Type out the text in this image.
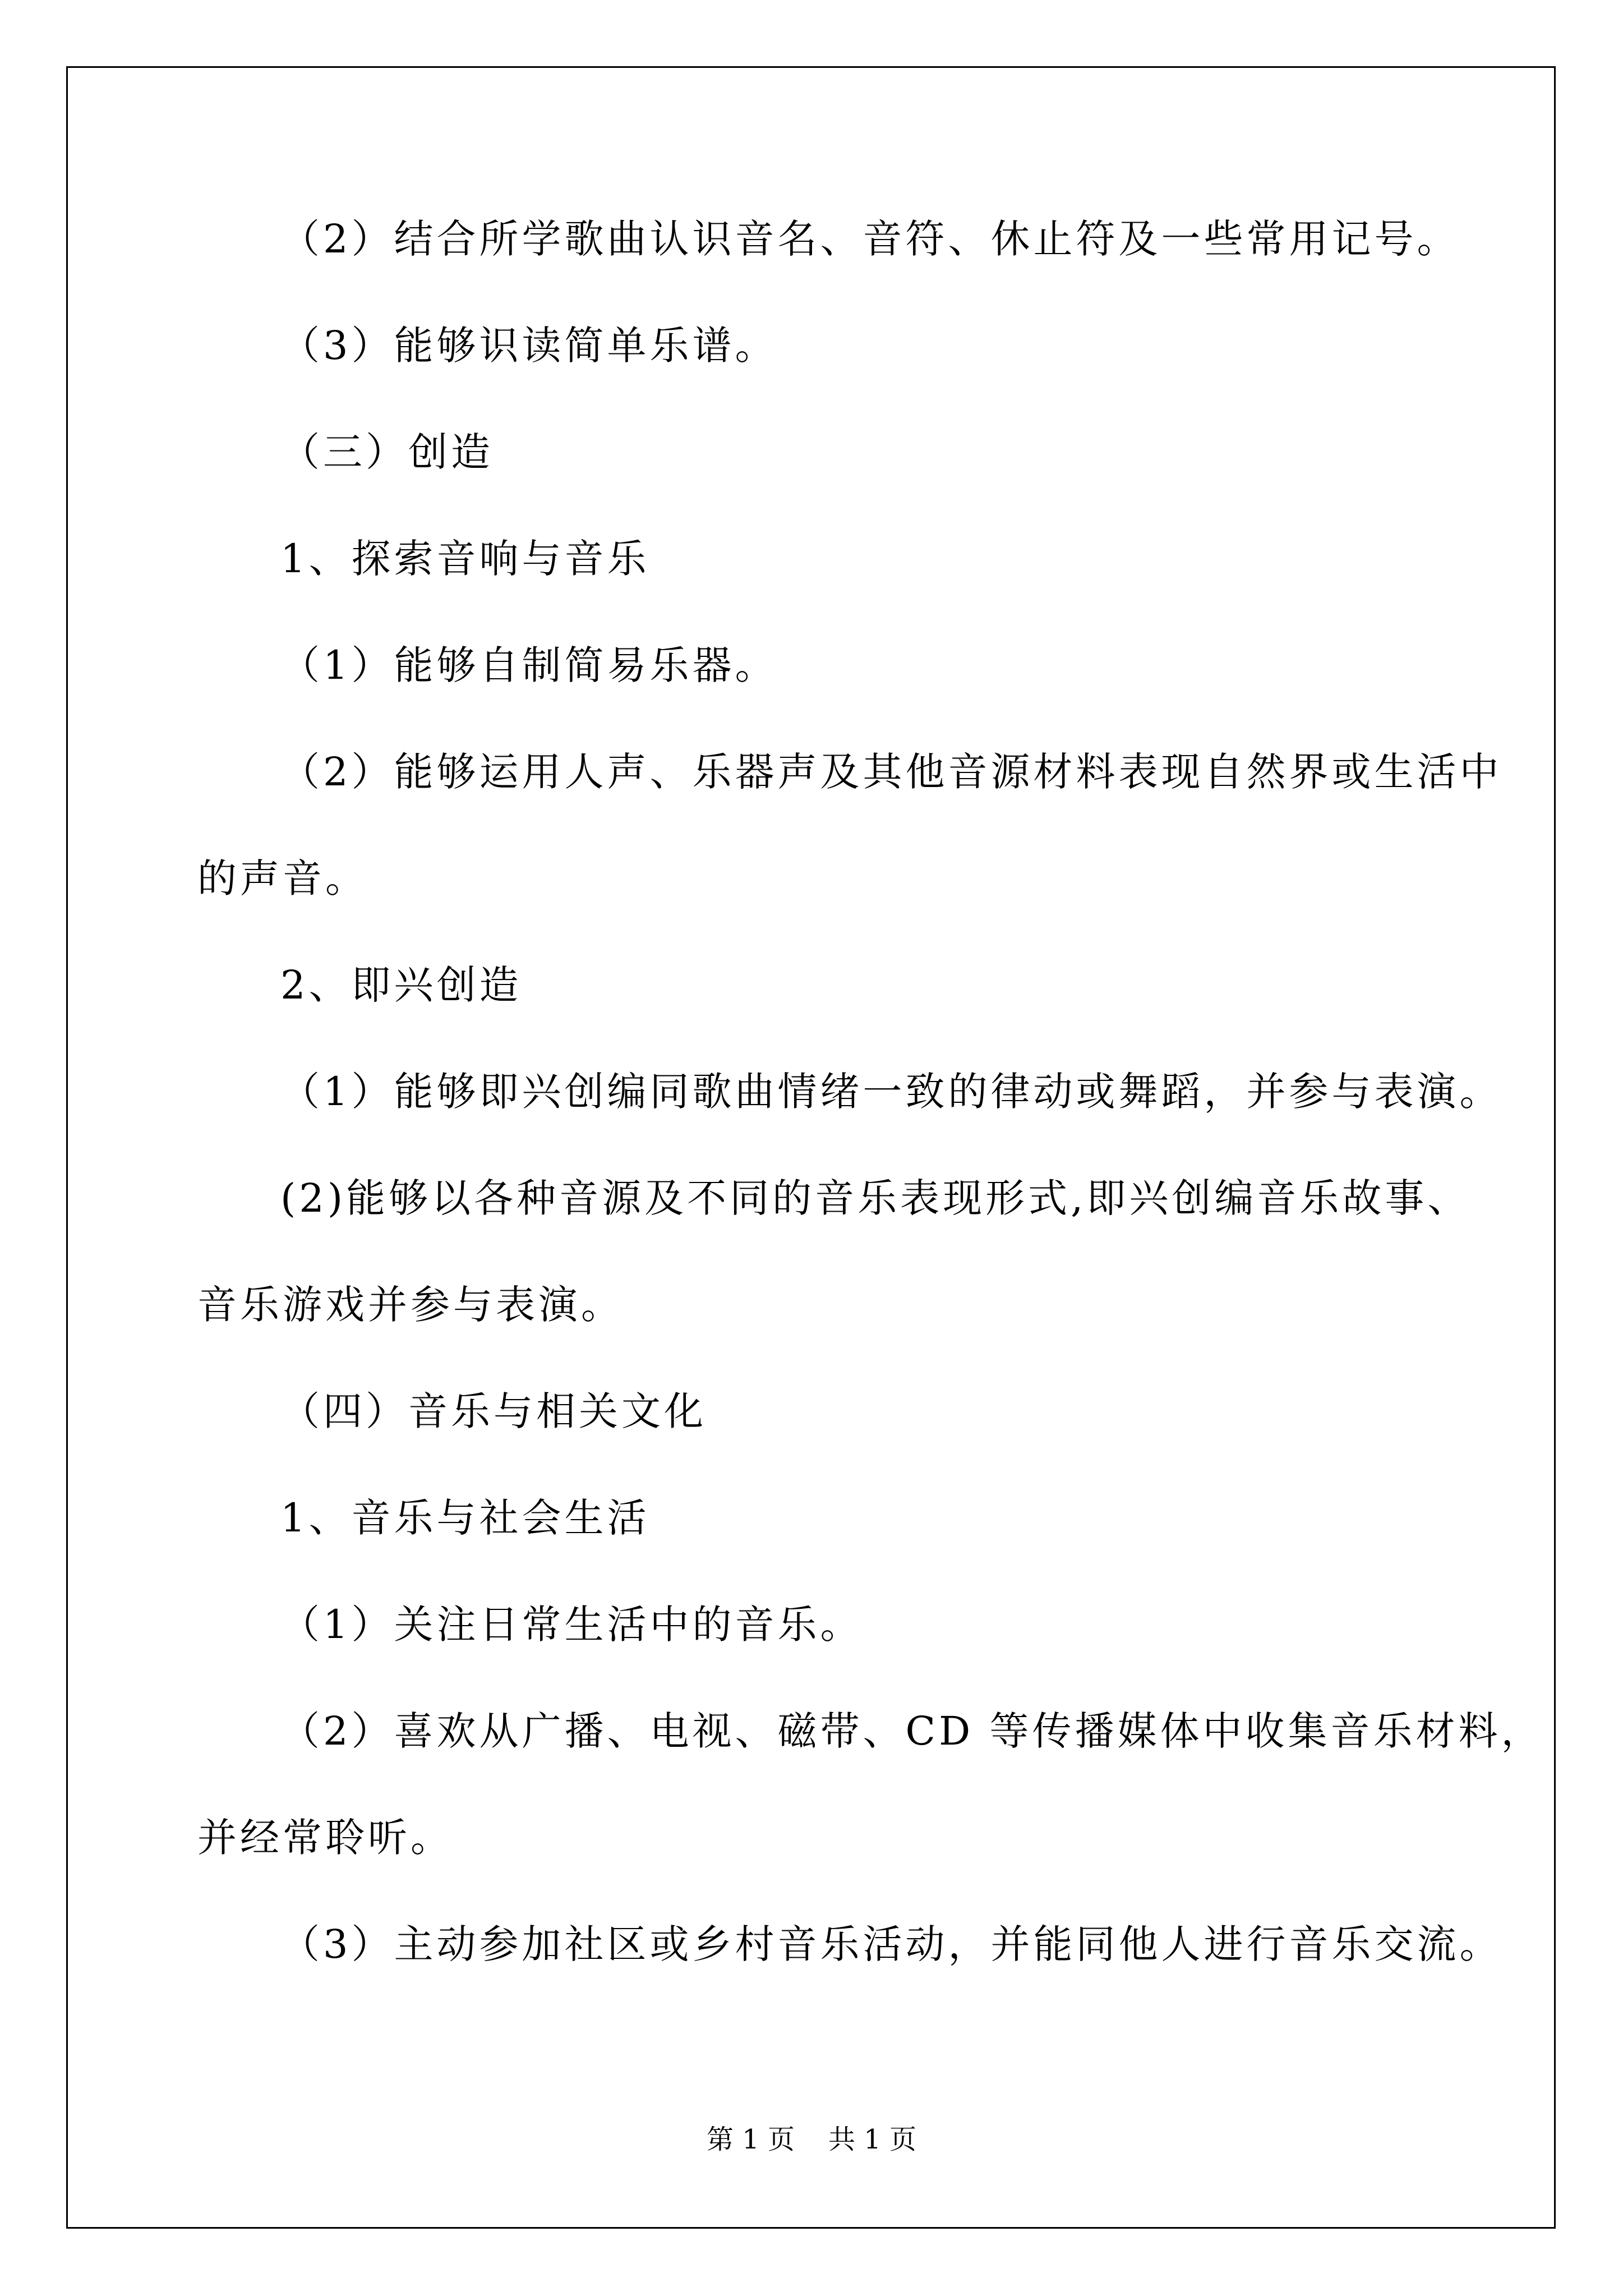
（2）结合所学歌曲认识音名、音符、休止符及一些常用记号。
（3）能够识读简单乐谱。
（三）创造
1、探索音响与音乐
（1）能够自制简易乐器。
（2）能够运用人声、乐器声及其他音源材料表现自然界或生活中
的声音。
2、即兴创造
（1）能够即兴创编同歌曲情绪一致的律动或舞蹈，并参与表演。
(2)能够以各种音源及不同的音乐表现形式,即兴创编音乐故事、
音乐游戏并参与表演。
（四）音乐与相关文化
1、音乐与社会生活
（1）关注日常生活中的音乐。
（2）喜欢从广播、电视、磁带、CD 等传播媒体中收集音乐材料，
并经常聆听。
（3）主动参加社区或乡村音乐活动，并能同他人进行音乐交流。
第 1 页 共 1 页
